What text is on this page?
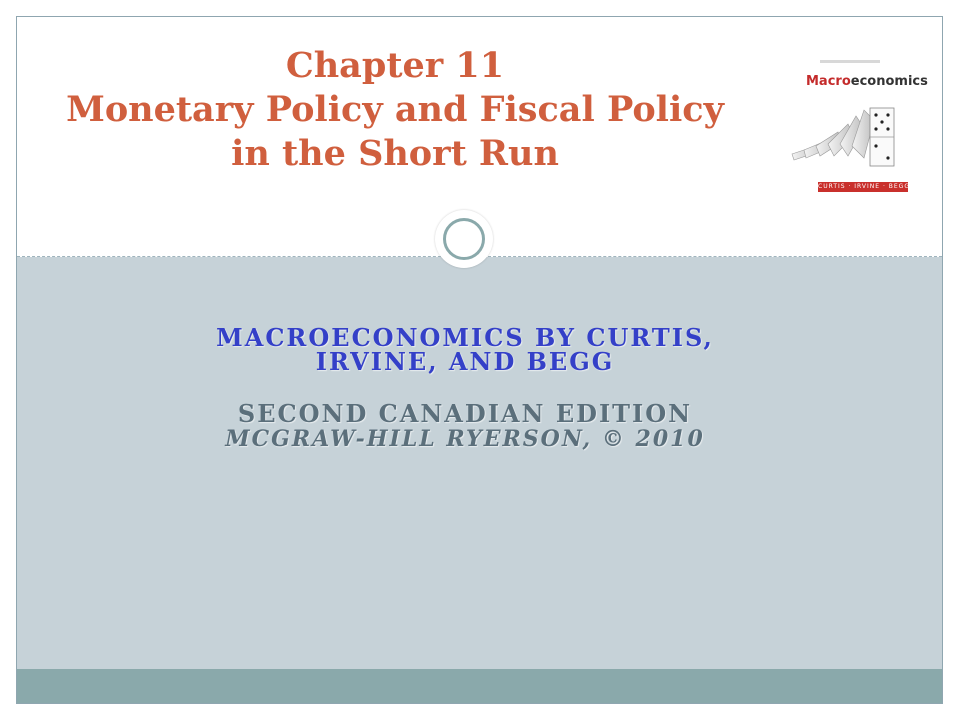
Chapter 11
Monetary Policy and Fiscal Policy
in the Short Run
Macroeconomics
CURTIS · IRVINE · BEGG
MACROECONOMICS BY CURTIS,
IRVINE, AND BEGG
SECOND CANADIAN EDITION
MCGRAW-HILL RYERSON, © 2010
